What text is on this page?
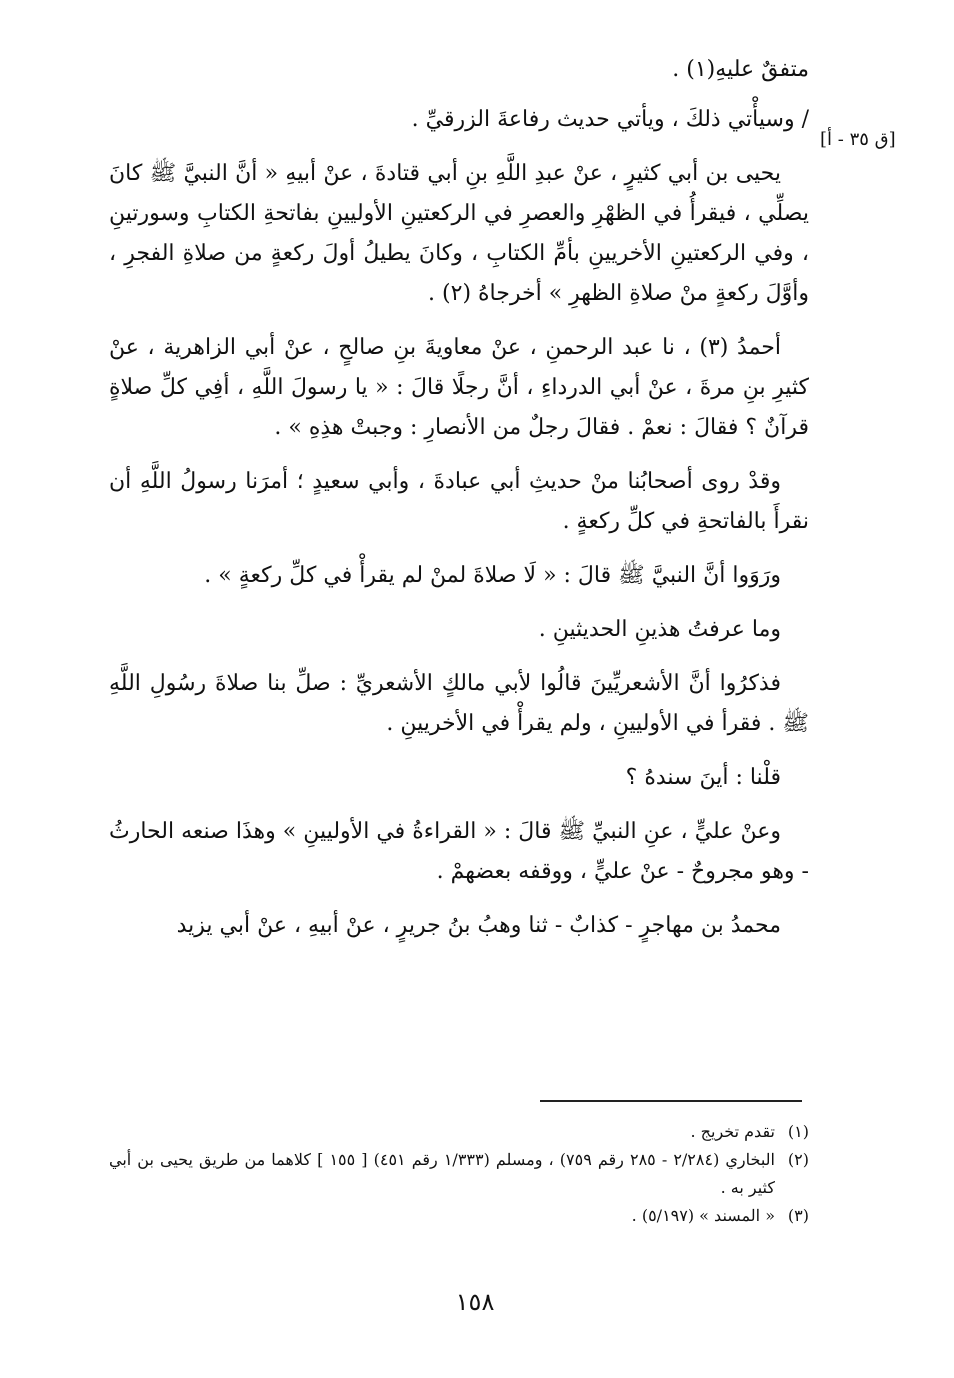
[ق ٣٥ - أ]

متفقٌ عليهِ(١) .

/ وسيأْتي ذلكَ ، ويأتي حديث رفاعةَ الزرقيِّ .

يحيى بن أبي كثيرٍ ، عنْ عبدِ اللَّهِ بنِ أبي قتادةَ ، عنْ أبيهِ « أنَّ النبيَّ ﷺ كانَ يصلِّي ، فيقرأُ في الظهْرِ والعصرِ في الركعتينِ الأوليينِ بفاتحةِ الكتابِ وسورتينِ ، وفي الركعتينِ الأخريينِ بأمِّ الكتابِ ، وكانَ يطيلُ أولَ ركعةٍ من صلاةِ الفجرِ ، وأوَّلَ ركعةٍ منْ صلاةِ الظهرِ » أخرجاهُ (٢) .

أحمدُ (٣) ، نا عبد الرحمنِ ، عنْ معاويةَ بنِ صالحٍ ، عنْ أبي الزاهرية ، عنْ كثيرِ بنِ مرةَ ، عنْ أبي الدرداءِ ، أنَّ رجلًا قالَ : « يا رسولَ اللَّهِ ، أفِي كلِّ صلاةٍ قرآنٌ ؟ فقالَ : نعمْ . فقالَ رجلٌ من الأنصارِ : وجبتْ هذِهِ » .

وقدْ روى أصحابُنا منْ حديثِ أبي عبادةَ ، وأبي سعيدٍ ؛ أمرَنا رسولُ اللَّهِ أن نقرأَ بالفاتحةِ في كلِّ ركعةٍ .

ورَوَوا أنَّ النبيَّ ﷺ قالَ : « لَا صلاةَ لمنْ لم يقرأْ في كلِّ ركعةٍ » .

وما عرفتُ هذينِ الحديثينِ .

فذكرُوا أنَّ الأشعريِّينَ قالُوا لأبي مالكٍ الأشعريِّ : صلِّ بنا صلاةَ رسُولِ اللَّهِ ﷺ . فقرأ في الأوليينِ ، ولم يقرأْ في الأخريينِ .

قلْنا : أينَ سندهُ ؟

وعنْ عليٍّ ، عنِ النبيِّ ﷺ قالَ : « القراءةُ في الأوليينِ » وهذَا صنعه الحارثُ - وهو مجروحٌ - عنْ عليٍّ ، ووقفه بعضهمْ .

محمدُ بن مهاجرٍ - كذابٌ - ثنا وهبُ بنُ جريرٍ ، عنْ أبيهِ ، عنْ أبي يزيد

(١)
تقدم تخريج .

(٢)
البخاري (٢/٢٨٤ - ٢٨٥ رقم ٧٥٩) ، ومسلم (١/٣٣٣ رقم ٤٥١) [ ١٥٥ ] كلاهما من طريق يحيى بن أبي كثير به .

(٣)
« المسند » (٥/١٩٧) .

١٥٨
